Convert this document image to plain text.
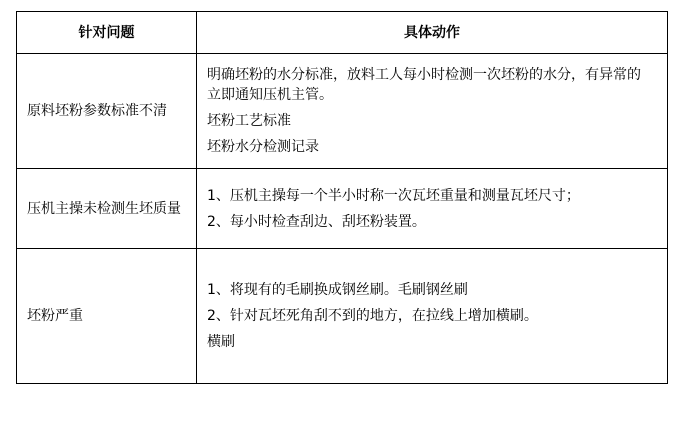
针对问题	具体动作
原料坯粉参数标准不清	明确坯粉的水分标准，放料工人每小时检测一次坯粉的水分，有异常的立即通知压机主管。
坯粉工艺标准
坯粉水分检测记录

压机主操未检测生坯质量	1、压机主操每一个半小时称一次瓦坯重量和测量瓦坯尺寸；
2、每小时检查刮边、刮坯粉装置。

坯粉严重	1、将现有的毛刷换成钢丝刷。毛刷钢丝刷
2、针对瓦坯死角刮不到的地方，在拉线上增加横刷。
横刷
